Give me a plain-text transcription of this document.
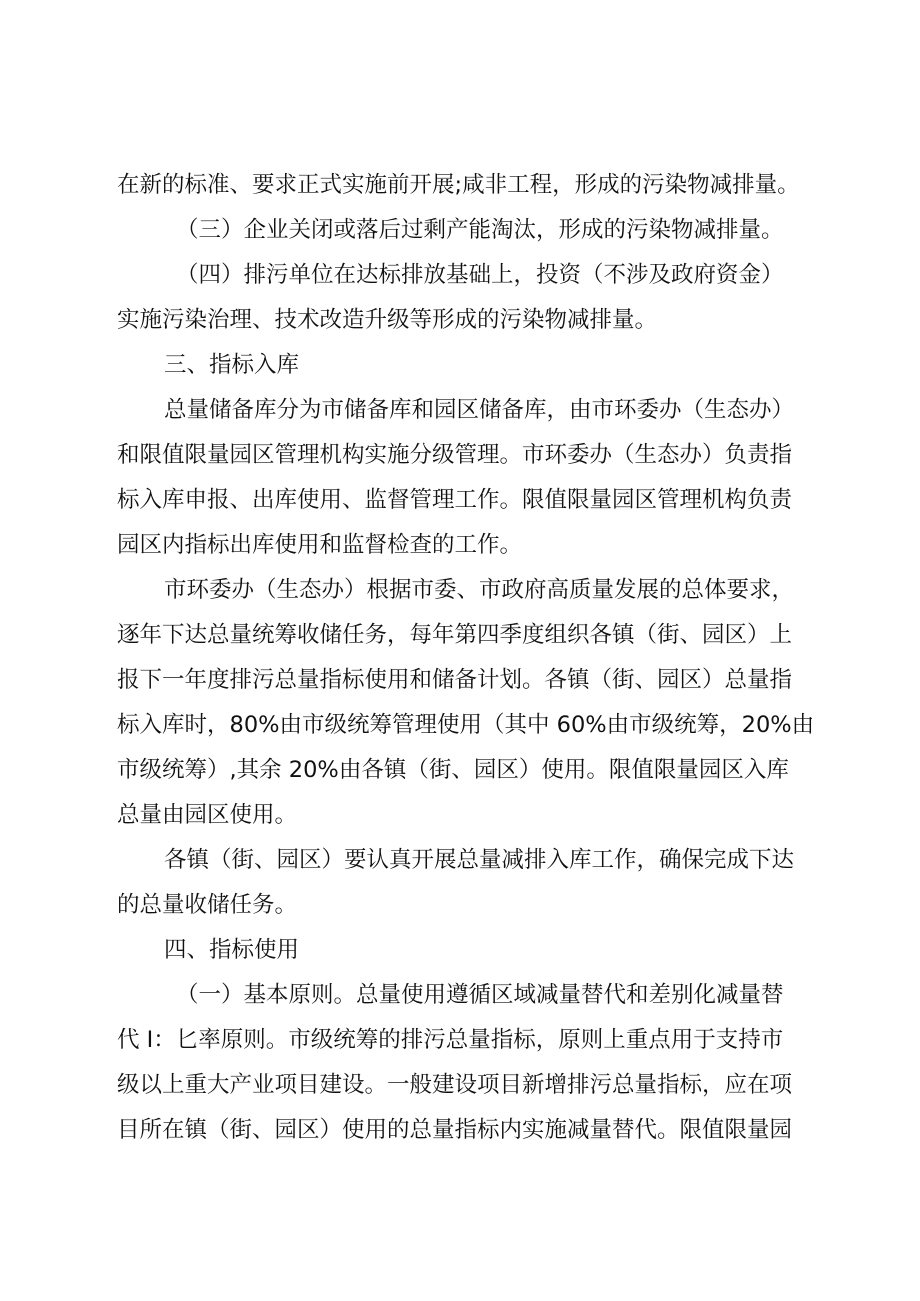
在新的标准、要求正式实施前开展;咸非工程，形成的污染物减排量。
（三）企业关闭或落后过剩产能淘汰，形成的污染物减排量。
（四）排污单位在达标排放基础上，投资（不涉及政府资金）
实施污染治理、技术改造升级等形成的污染物减排量。
三、指标入库
总量储备库分为市储备库和园区储备库，由市环委办（生态办）
和限值限量园区管理机构实施分级管理。市环委办（生态办）负责指
标入库申报、出库使用、监督管理工作。限值限量园区管理机构负责
园区内指标出库使用和监督检查的工作。
市环委办（生态办）根据市委、市政府高质量发展的总体要求，
逐年下达总量统筹收储任务，每年第四季度组织各镇（街、园区）上
报下一年度排污总量指标使用和储备计划。各镇（街、园区）总量指
标入库时，80%由市级统筹管理使用（其中 60%由市级统筹，20%由
市级统筹）,其余 20%由各镇（街、园区）使用。限值限量园区入库
总量由园区使用。
各镇（街、园区）要认真开展总量减排入库工作，确保完成下达
的总量收储任务。
四、指标使用
（一）基本原则。总量使用遵循区域减量替代和差别化减量替
代 I：匕率原则。市级统筹的排污总量指标，原则上重点用于支持市
级以上重大产业项目建设。一般建设项目新增排污总量指标，应在项
目所在镇（街、园区）使用的总量指标内实施减量替代。限值限量园
